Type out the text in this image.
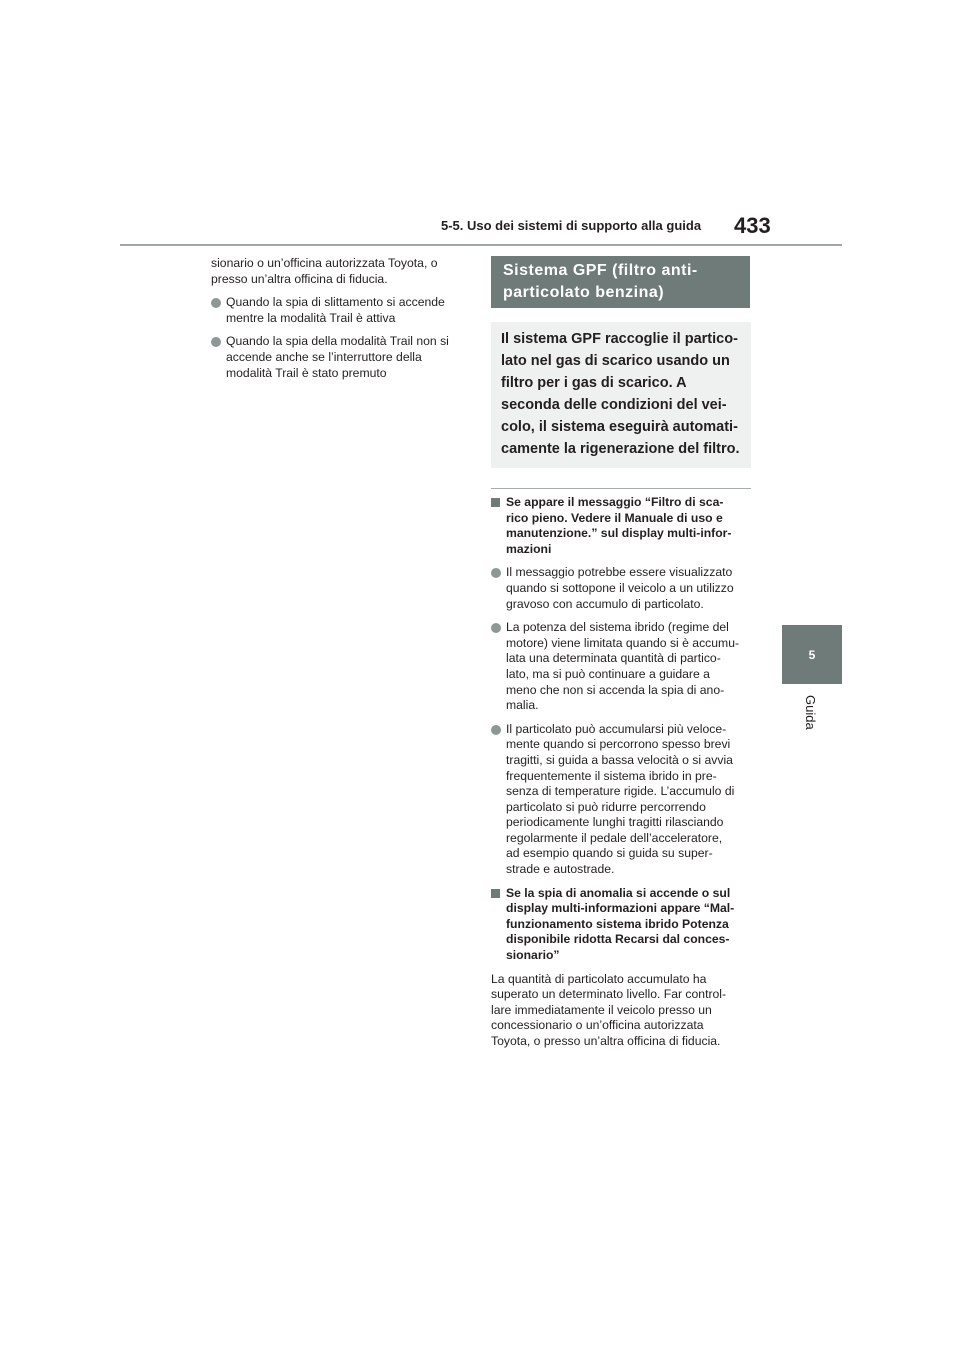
5-5. Uso dei sistemi di supporto alla guida 433
5
Guida
sionario o un’officina autorizzata Toyota, o
presso un’altra officina di fiducia.
Quando la spia di slittamento si accende
mentre la modalità Trail è attiva
Quando la spia della modalità Trail non si
accende anche se l’interruttore della
modalità Trail è stato premuto
Sistema GPF (filtro anti-
particolato benzina)
Il sistema GPF raccoglie il partico-
lato nel gas di scarico usando un
filtro per i gas di scarico. A
seconda delle condizioni del vei-
colo, il sistema eseguirà automati-
camente la rigenerazione del filtro.
Se appare il messaggio “Filtro di sca-
rico pieno. Vedere il Manuale di uso e
manutenzione.” sul display multi-infor-
mazioni
Il messaggio potrebbe essere visualizzato
quando si sottopone il veicolo a un utilizzo
gravoso con accumulo di particolato.
La potenza del sistema ibrido (regime del
motore) viene limitata quando si è accumu-
lata una determinata quantità di partico-
lato, ma si può continuare a guidare a
meno che non si accenda la spia di ano-
malia.
Il particolato può accumularsi più veloce-
mente quando si percorrono spesso brevi
tragitti, si guida a bassa velocità o si avvia
frequentemente il sistema ibrido in pre-
senza di temperature rigide. L’accumulo di
particolato si può ridurre percorrendo
periodicamente lunghi tragitti rilasciando
regolarmente il pedale dell’acceleratore,
ad esempio quando si guida su super-
strade e autostrade.
Se la spia di anomalia si accende o sul
display multi-informazioni appare “Mal-
funzionamento sistema ibrido Potenza
disponibile ridotta Recarsi dal conces-
sionario”
La quantità di particolato accumulato ha
superato un determinato livello. Far control-
lare immediatamente il veicolo presso un
concessionario o un’officina autorizzata
Toyota, o presso un’altra officina di fiducia.
